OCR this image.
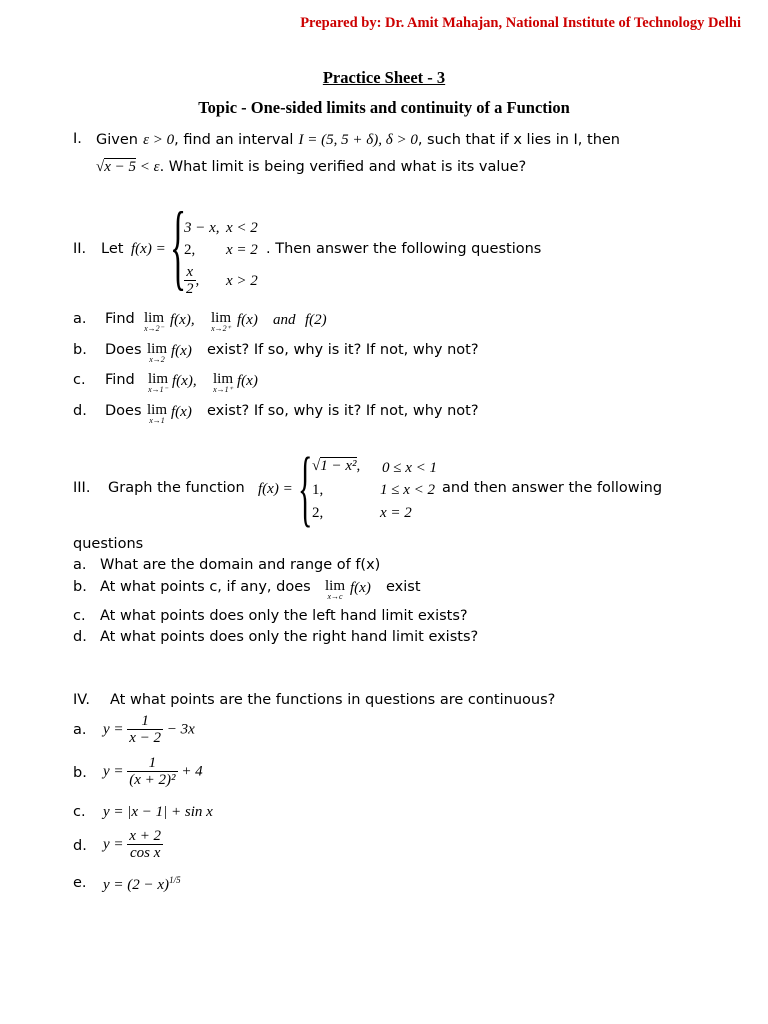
Prepared by: Dr. Amit Mahajan, National Institute of Technology Delhi
Practice Sheet - 3
Topic - One-sided limits and continuity of a Function
I. Given ε > 0, find an interval I = (5, 5 + δ), δ > 0, such that if x lies in I, then
√x − 5 < ε. What limit is being verified and what is its value?
II. Let f(x) = {
3 − x, x < 2
2, x = 2
$\frac{x}{2}$ , x > 2
. Then answer the following questions
a. Find lim
x→2⁻
f(x), lim
x→2⁺
f(x) and f(2)
b. Does lim
x→2
f(x) exist? If so, why is it? If not, why not?
c. Find lim
x→1⁻
f(x), lim
x→1⁺
f(x)
d. Does lim
x→1
f(x) exist? If so, why is it? If not, why not?
III. Graph the function f(x) = { √1 − x², 0 ≤ x < 1
1,	1 ≤ x < 2
2,	x = 2
and then answer the following
questions
a. What are the domain and range of f(x)
b. At what points c, if any, does lim
x→c
f(x) exist
c. At what points does only the left hand limit exists?
d. At what points does only the right hand limit exists?
IV. At what points are the functions in questions are continuous?
a. $y = \frac{1}{x - 2} - 3x$
b. $y = \frac{1}{\text{(x + 2)²}} + 4$
c. y = |x − 1| + sin x
d. $y = \frac{x + 2}{\text{cos x}}$
e. $y = (2 - x)^{1/5}$
